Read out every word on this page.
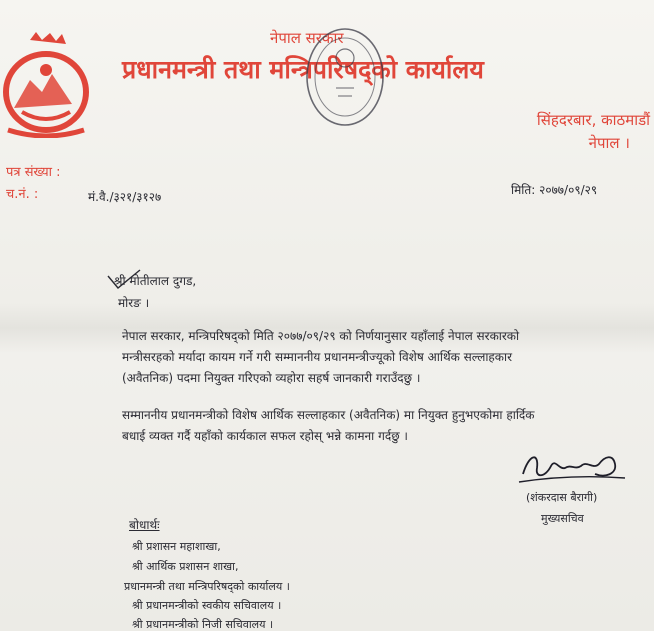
नेपाल सरकार
प्रधानमन्त्री तथा मन्त्रिपरिषद्को कार्यालय
सिंहदरबार, काठमाडौं
नेपाल ।
पत्र संख्या :
च.नं. :	मं.वै./३२१/३१२७	मिति: २०७७/०९/२९
श्री मोतीलाल दुगड,
मोरङ ।
नेपाल सरकार, मन्त्रिपरिषद्को मिति २०७७/०९/२९ को निर्णयानुसार यहाँलाई नेपाल सरकारको
मन्त्रीसरहको मर्यादा कायम गर्ने गरी सम्माननीय प्रधानमन्त्रीज्यूको विशेष आर्थिक सल्लाहकार
(अवैतनिक) पदमा नियुक्त गरिएको व्यहोरा सहर्ष जानकारी गराउँदछु ।
सम्माननीय प्रधानमन्त्रीको विशेष आर्थिक सल्लाहकार (अवैतनिक) मा नियुक्त हुनुभएकोमा हार्दिक
बधाई व्यक्त गर्दै यहाँको कार्यकाल सफल रहोस् भन्ने कामना गर्दछु ।
(शंकरदास बैरागी)
मुख्यसचिव
बोधार्थः
श्री प्रशासन महाशाखा,
श्री आर्थिक प्रशासन शाखा,
प्रधानमन्त्री तथा मन्त्रिपरिषद्को कार्यालय ।
श्री प्रधानमन्त्रीको स्वकीय सचिवालय ।
श्री प्रधानमन्त्रीको निजी सचिवालय ।
